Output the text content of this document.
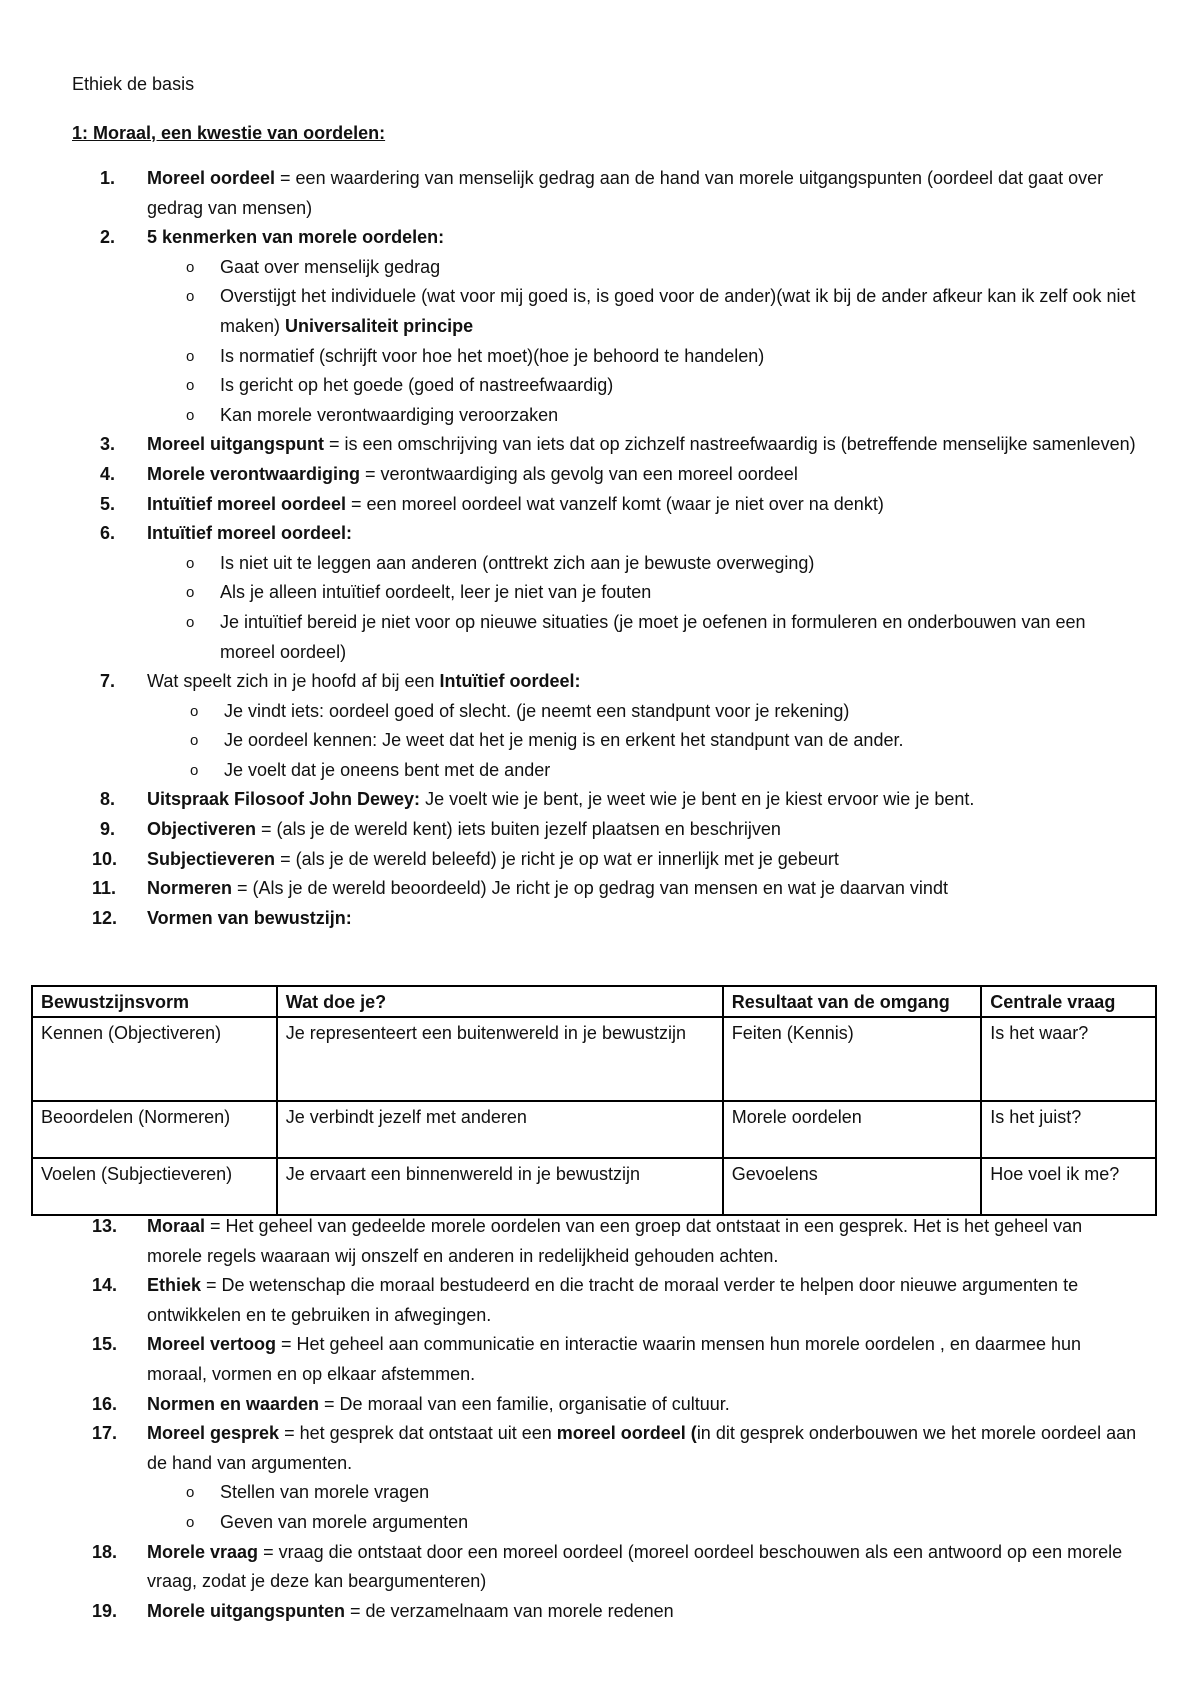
Ethiek de basis
1: Moraal, een kwestie van oordelen:
1.	Moreel oordeel = een waardering van menselijk gedrag aan de hand van morele uitgangspunten (oordeel dat gaat over gedrag van mensen)
2.	5 kenmerken van morele oordelen:
o Gaat over menselijk gedrag
o Overstijgt het individuele (wat voor mij goed is, is goed voor de ander)(wat ik bij de ander afkeur kan ik zelf ook niet maken) Universaliteit principe
o Is normatief (schrijft voor hoe het moet)(hoe je behoord te handelen)
o Is gericht op het goede (goed of nastreefwaardig)
o Kan morele verontwaardiging veroorzaken
3.	Moreel uitgangspunt = is een omschrijving van iets dat op zichzelf nastreefwaardig is (betreffende menselijke samenleven)
4.	Morele verontwaardiging = verontwaardiging als gevolg van een moreel oordeel
5.	Intuïtief moreel oordeel = een moreel oordeel wat vanzelf komt (waar je niet over na denkt)
6.	Intuïtief moreel oordeel:
o Is niet uit te leggen aan anderen (onttrekt zich aan je bewuste overweging)
o Als je alleen intuïtief oordeelt, leer je niet van je fouten
o Je intuïtief bereid je niet voor op nieuwe situaties (je moet je oefenen in formuleren en onderbouwen van een moreel oordeel)
7.	Wat speelt zich in je hoofd af bij een Intuïtief oordeel:
o Je vindt iets: oordeel goed of slecht. (je neemt een standpunt voor je rekening)
o Je oordeel kennen: Je weet dat het je menig is en erkent het standpunt van de ander.
o Je voelt dat je oneens bent met de ander
8.	Uitspraak Filosoof John Dewey: Je voelt wie je bent, je weet wie je bent en je kiest ervoor wie je bent.
9.	Objectiveren = (als je de wereld kent) iets buiten jezelf plaatsen en beschrijven
10.	Subjectieveren = (als je de wereld beleefd) je richt je op wat er innerlijk met je gebeurt
11.	Normeren = (Als je de wereld beoordeeld) Je richt je op gedrag van mensen en wat je daarvan vindt
12.	Vormen van bewustzijn:
Bewustzijnsvorm	Wat doe je?	Resultaat van de omgang	Centrale vraag
Kennen (Objectiveren)	Je representeert een buitenwereld in je bewustzijn	Feiten (Kennis)	Is het waar?
Beoordelen (Normeren)	Je verbindt jezelf met anderen	Morele oordelen	Is het juist?
Voelen (Subjectieveren)	Je ervaart een binnenwereld in je bewustzijn	Gevoelens	Hoe voel ik me?
13.	Moraal = Het geheel van gedeelde morele oordelen van een groep dat ontstaat in een gesprek. Het is het geheel van morele regels waaraan wij onszelf en anderen in redelijkheid gehouden achten.
14.	Ethiek = De wetenschap die moraal bestudeerd en die tracht de moraal verder te helpen door nieuwe argumenten te ontwikkelen en te gebruiken in afwegingen.
15.	Moreel vertoog = Het geheel aan communicatie en interactie waarin mensen hun morele oordelen , en daarmee hun moraal, vormen en op elkaar afstemmen.
16.	Normen en waarden = De moraal van een familie, organisatie of cultuur.
17.	Moreel gesprek = het gesprek dat ontstaat uit een moreel oordeel (in dit gesprek onderbouwen we het morele oordeel aan de hand van argumenten.
o Stellen van morele vragen
o Geven van morele argumenten
18.	Morele vraag = vraag die ontstaat door een moreel oordeel (moreel oordeel beschouwen als een antwoord op een morele vraag, zodat je deze kan beargumenteren)
19.	Morele uitgangspunten = de verzamelnaam van morele redenen
